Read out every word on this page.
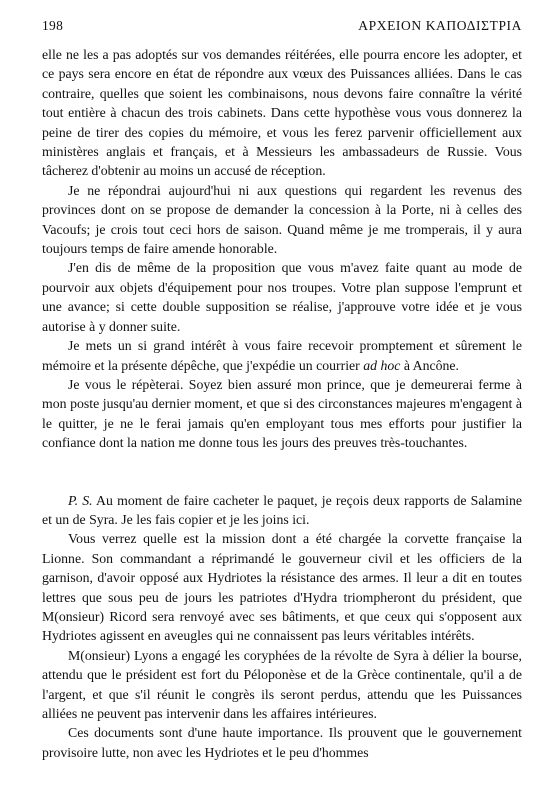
198	ΑΡΧΕΙΟΝ ΚΑΠΟΔΙΣΤΡΙΑ

elle ne les a pas adoptés sur vos demandes réitérées, elle pourra encore les adopter, et ce pays sera encore en état de répondre aux vœux des Puissances alliées. Dans le cas contraire, quelles que soient les combinaisons, nous devons faire connaître la vérité tout entière à chacun des trois cabinets. Dans cette hypothèse vous vous donnerez la peine de tirer des copies du mémoire, et vous les ferez parvenir officiellement aux ministères anglais et français, et à Messieurs les ambassadeurs de Russie. Vous tâcherez d'obtenir au moins un accusé de réception.

Je ne répondrai aujourd'hui ni aux questions qui regardent les revenus des provinces dont on se propose de demander la concession à la Porte, ni à celles des Vacoufs; je crois tout ceci hors de saison. Quand même je me tromperais, il y aura toujours temps de faire amende honorable.

J'en dis de même de la proposition que vous m'avez faite quant au mode de pourvoir aux objets d'équipement pour nos troupes. Votre plan suppose l'emprunt et une avance; si cette double supposition se réalise, j'approuve votre idée et je vous autorise à y donner suite.

Je mets un si grand intérêt à vous faire recevoir promptement et sûrement le mémoire et la présente dépêche, que j'expédie un courrier ad hoc à Ancône.

Je vous le répèterai. Soyez bien assuré mon prince, que je demeurerai ferme à mon poste jusqu'au dernier moment, et que si des circonstances majeures m'engagent à le quitter, je ne le ferai jamais qu'en employant tous mes efforts pour justifier la confiance dont la nation me donne tous les jours des preuves très-touchantes.

P. S. Au moment de faire cacheter le paquet, je reçois deux rapports de Salamine et un de Syra. Je les fais copier et je les joins ici.

Vous verrez quelle est la mission dont a été chargée la corvette française la Lionne. Son commandant a réprimandé le gouverneur civil et les officiers de la garnison, d'avoir opposé aux Hydriotes la résistance des armes. Il leur a dit en toutes lettres que sous peu de jours les patriotes d'Hydra triompheront du président, que M(onsieur) Ricord sera renvoyé avec ses bâtiments, et que ceux qui s'opposent aux Hydriotes agissent en aveugles qui ne connaissent pas leurs véritables intérêts.

M(onsieur) Lyons a engagé les coryphées de la révolte de Syra à délier la bourse, attendu que le président est fort du Péloponèse et de la Grèce continentale, qu'il a de l'argent, et que s'il réunit le congrès ils seront perdus, attendu que les Puissances alliées ne peuvent pas intervenir dans les affaires intérieures.

Ces documents sont d'une haute importance. Ils prouvent que le gouvernement provisoire lutte, non avec les Hydriotes et le peu d'hommes
